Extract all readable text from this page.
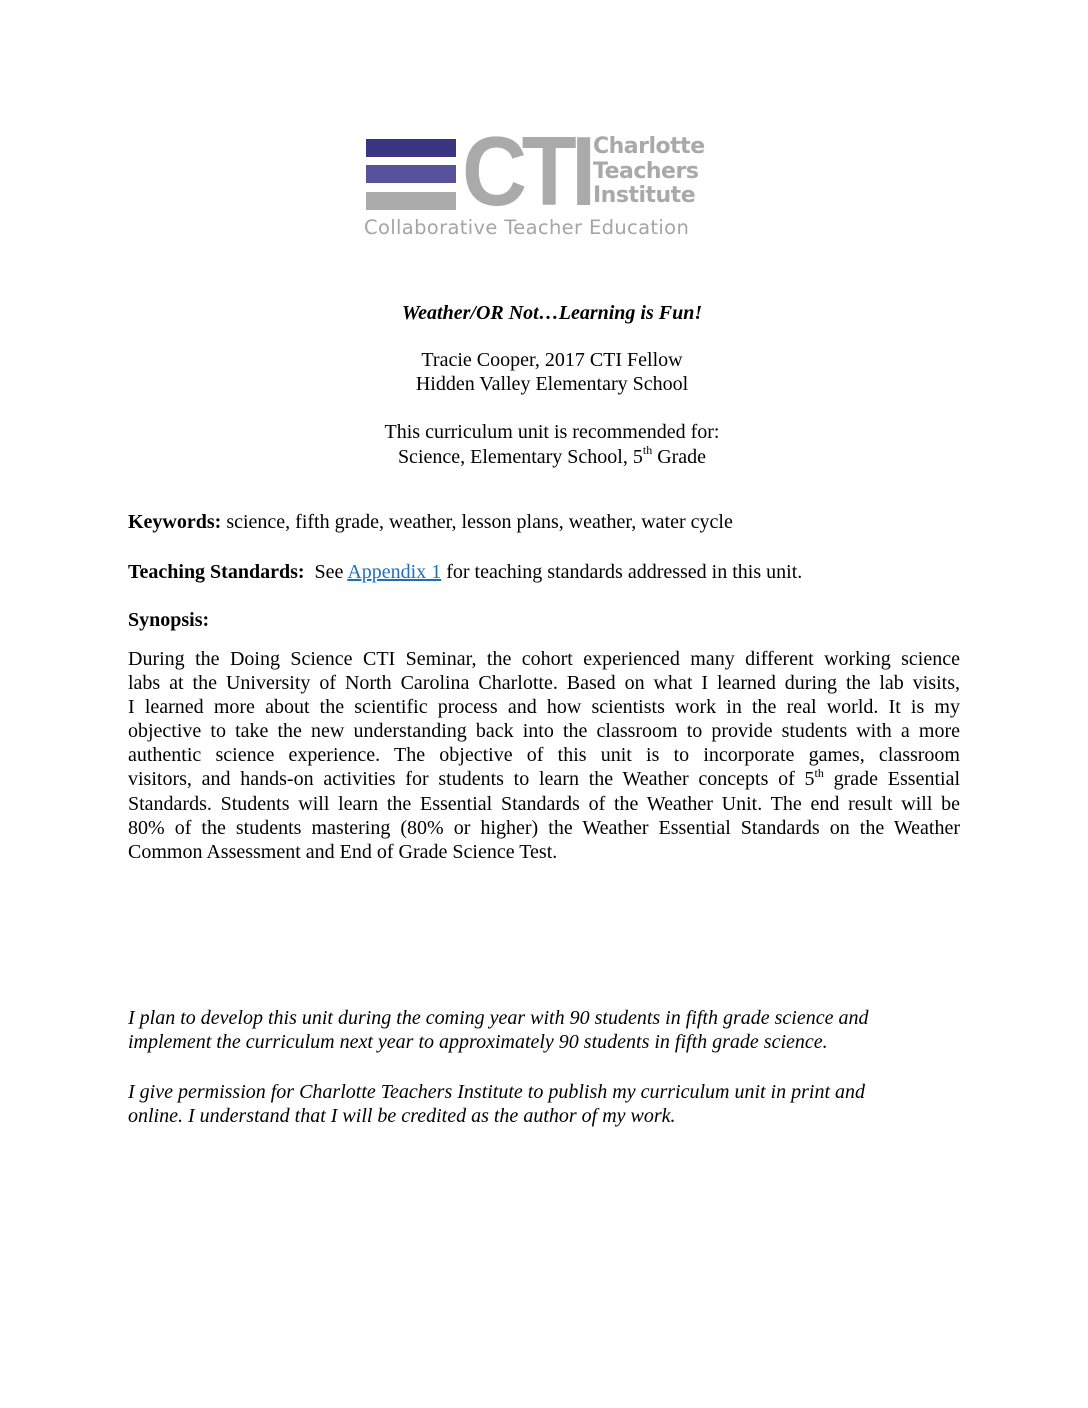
CTI Charlotte
Teachers
Institute
Collaborative Teacher Education
Weather/OR Not…Learning is Fun!
Tracie Cooper, 2017 CTI Fellow
Hidden Valley Elementary School
This curriculum unit is recommended for:
Science, Elementary School, 5th Grade
Keywords: science, fifth grade, weather, lesson plans, weather, water cycle
Teaching Standards:  See Appendix 1 for teaching standards addressed in this unit.
Synopsis:
During the Doing Science CTI Seminar, the cohort experienced many different working science
labs at the University of North Carolina Charlotte. Based on what I learned during the lab visits,
I learned more about the scientific process and how scientists work in the real world. It is my
objective to take the new understanding back into the classroom to provide students with a more
authentic science experience. The objective of this unit is to incorporate games, classroom
visitors, and hands-on activities for students to learn the Weather concepts of 5th grade Essential
Standards. Students will learn the Essential Standards of the Weather Unit. The end result will be
80% of the students mastering (80% or higher) the Weather Essential Standards on the Weather
Common Assessment and End of Grade Science Test.
I plan to develop this unit during the coming year with 90 students in fifth grade science and
implement the curriculum next year to approximately 90 students in fifth grade science.
I give permission for Charlotte Teachers Institute to publish my curriculum unit in print and
online. I understand that I will be credited as the author of my work.
